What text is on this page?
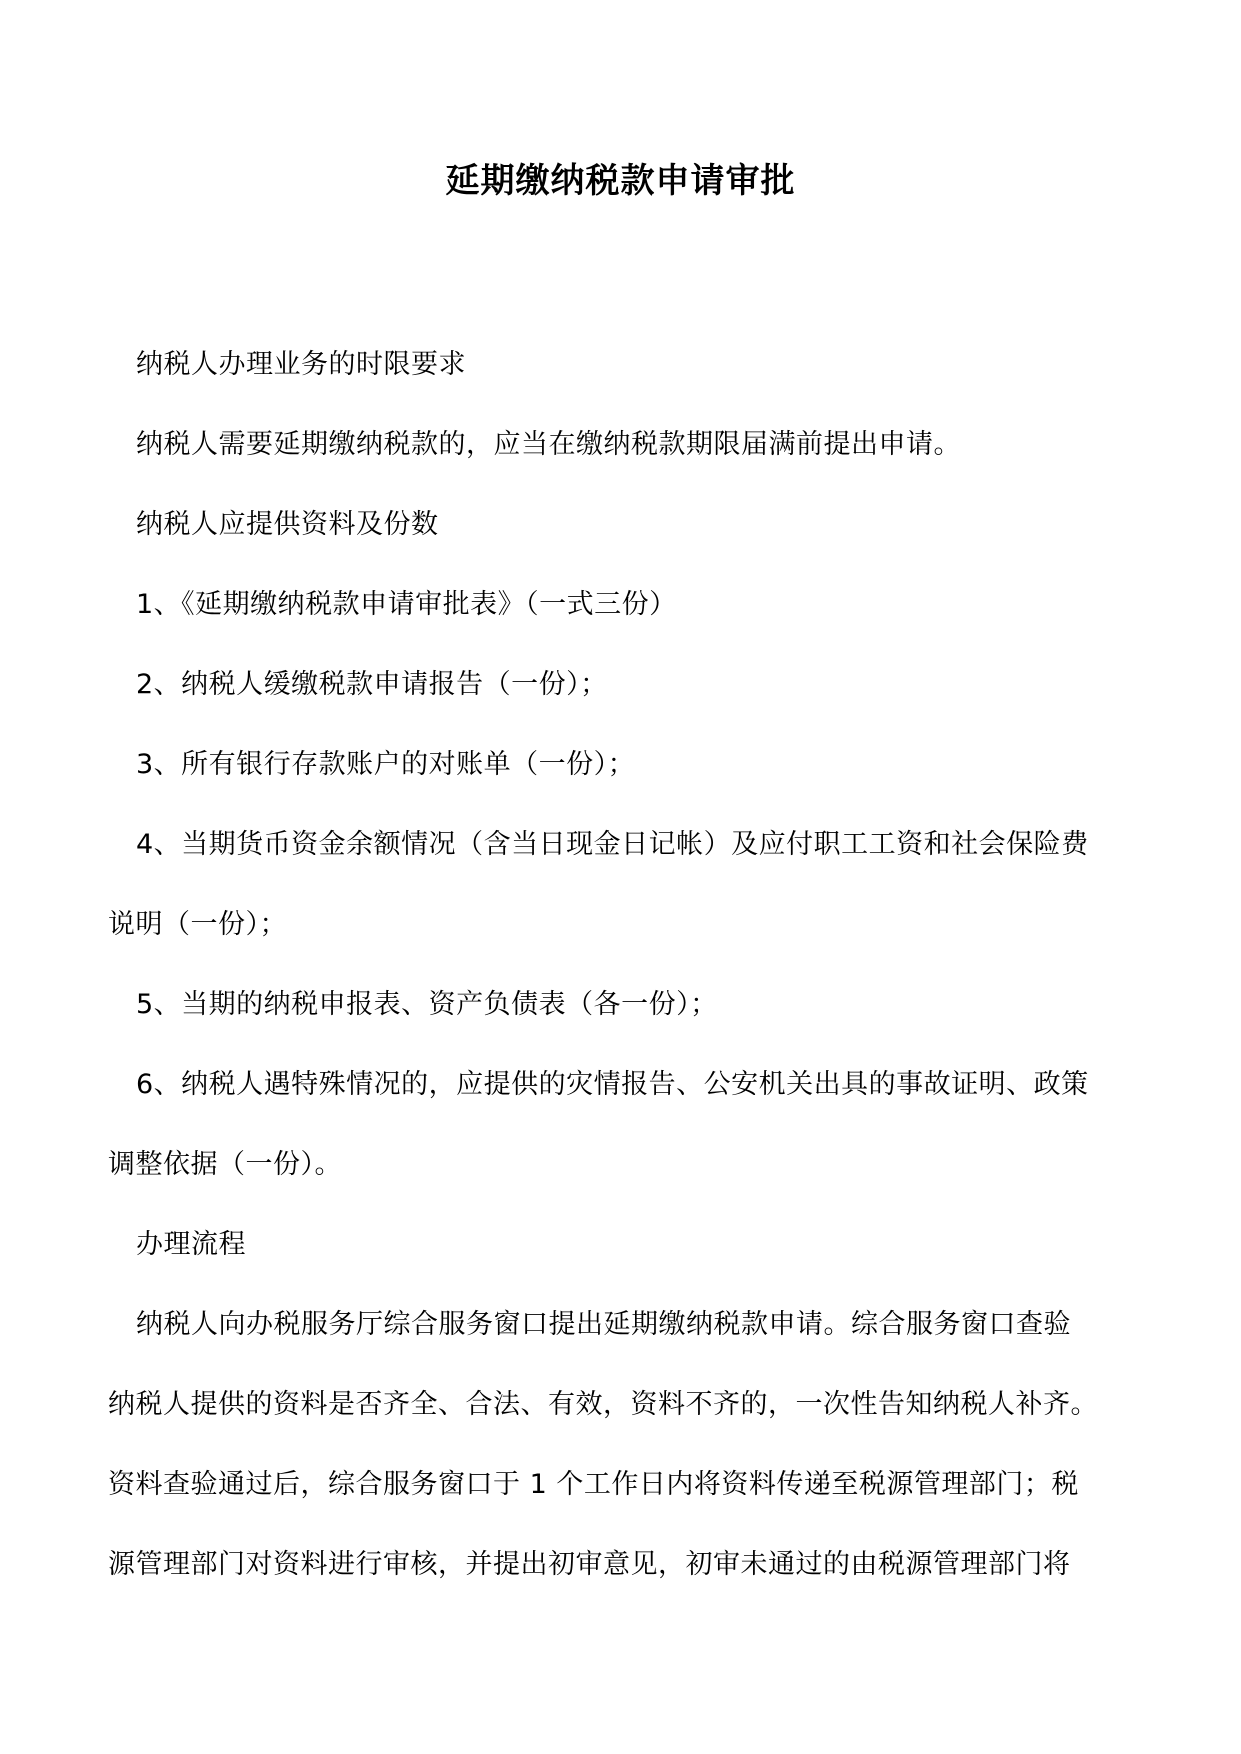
延期缴纳税款申请审批
纳税人办理业务的时限要求
纳税人需要延期缴纳税款的，应当在缴纳税款期限届满前提出申请。
纳税人应提供资料及份数
1、《延期缴纳税款申请审批表》（一式三份）
2、纳税人缓缴税款申请报告（一份）；
3、所有银行存款账户的对账单（一份）；
4、当期货币资金余额情况（含当日现金日记帐）及应付职工工资和社会保险费
说明（一份）；
5、当期的纳税申报表、资产负债表（各一份）；
6、纳税人遇特殊情况的，应提供的灾情报告、公安机关出具的事故证明、政策
调整依据（一份）。
办理流程
纳税人向办税服务厅综合服务窗口提出延期缴纳税款申请。综合服务窗口查验
纳税人提供的资料是否齐全、合法、有效，资料不齐的，一次性告知纳税人补齐。
资料查验通过后，综合服务窗口于 1 个工作日内将资料传递至税源管理部门；税
源管理部门对资料进行审核，并提出初审意见，初审未通过的由税源管理部门将
